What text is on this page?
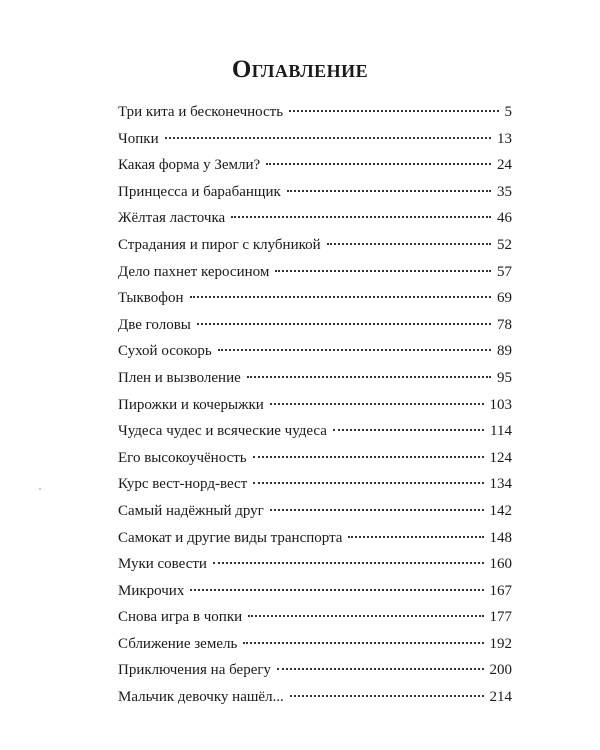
Оглавление
Три кита и бесконечность	5
Чопки	13
Какая форма у Земли?	24
Принцесса и барабанщик	35
Жёлтая ласточка	46
Страдания и пирог с клубникой	52
Дело пахнет керосином	57
Тыквофон	69
Две головы	78
Сухой осокорь	89
Плен и вызволение	95
Пирожки и кочерыжки	103
Чудеса чудес и всяческие чудеса	114
Его высокоучёность	124
Курс вест-норд-вест	134
Самый надёжный друг	142
Самокат и другие виды транспорта	148
Муки совести	160
Микрочих	167
Снова игра в чопки	177
Сближение земель	192
Приключения на берегу	200
Мальчик девочку нашёл...	214
